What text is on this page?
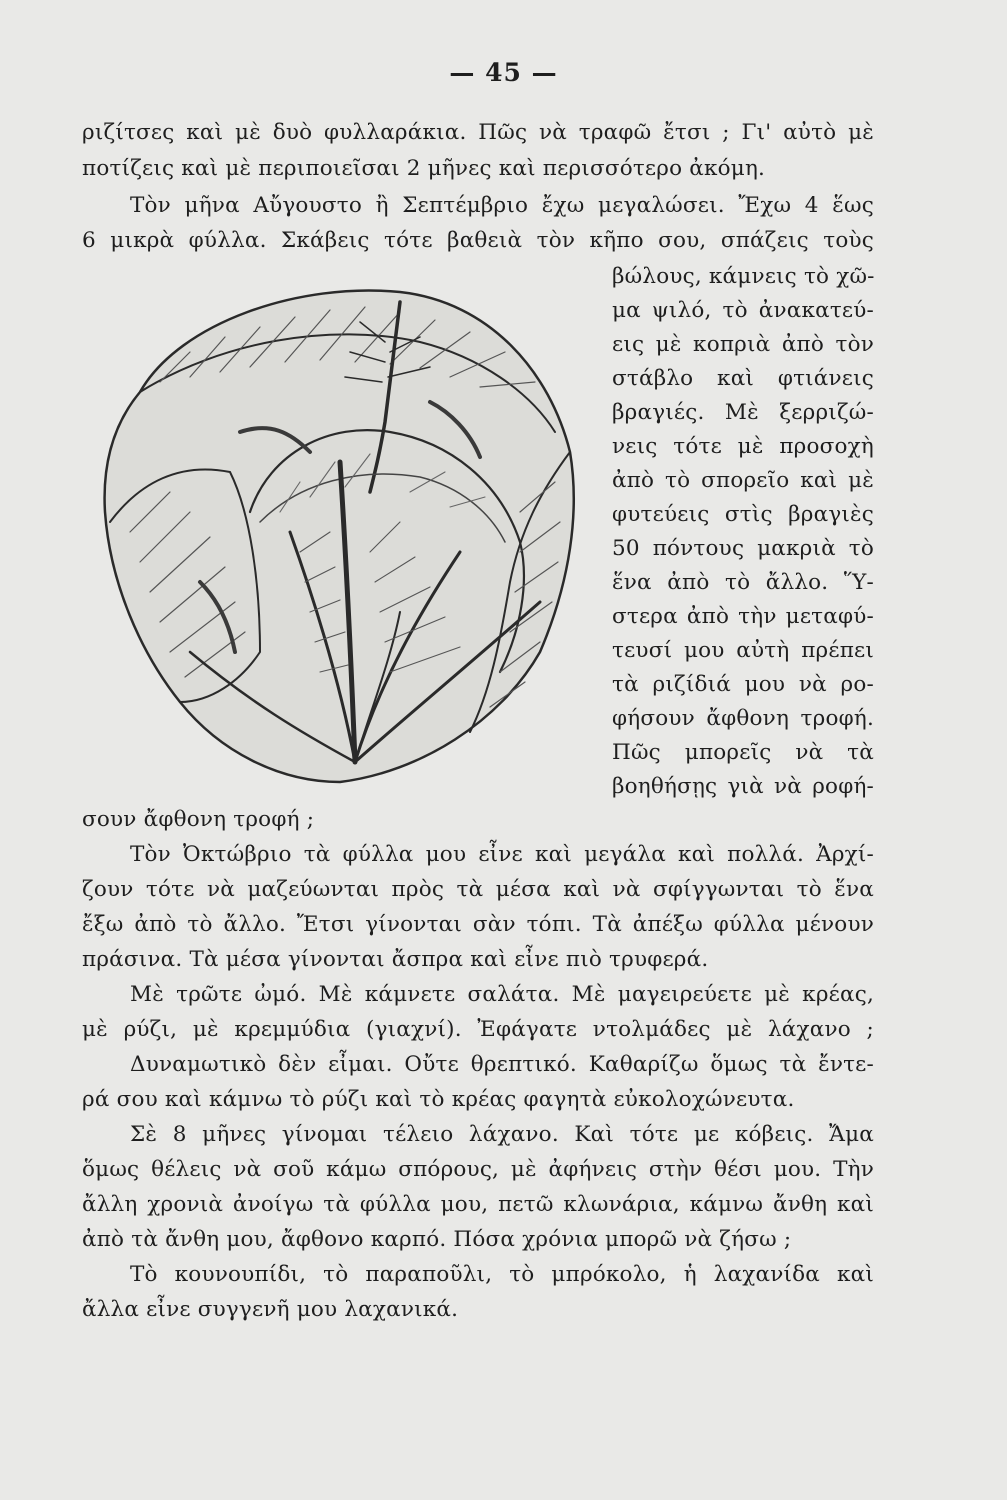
— 45 —
ριζίτσες καὶ μὲ δυὸ φυλλαράκια. Πῶς νὰ τραφῶ ἔτσι ; Γι' αὐτὸ μὲ
ποτίζεις καὶ μὲ περιποιεῖσαι 2 μῆνες καὶ περισσότερο ἀκόμη.
Τὸν μῆνα Αὔγουστο ἢ Σεπτέμβριο ἔχω μεγαλώσει. Ἔχω 4 ἕως
6 μικρὰ φύλλα. Σκάβεις τότε βαθειὰ τὸν κῆπο σου, σπάζεις τοὺς
βώλους, κάμνεις τὸ χῶ-
μα ψιλό, τὸ ἀνακατεύ-
εις μὲ κοπριὰ ἀπὸ τὸν
στάβλο καὶ φτιάνεις
βραγιές. Μὲ ξερριζώ-
νεις τότε μὲ προσοχὴ
ἀπὸ τὸ σπορεῖο καὶ μὲ
φυτεύεις στὶς βραγιὲς
50 πόντους μακριὰ τὸ
ἕνα ἀπὸ τὸ ἄλλο. Ὕ-
στερα ἀπὸ τὴν μεταφύ-
τευσί μου αὐτὴ πρέπει
τὰ ριζίδιά μου νὰ ρο-
φήσουν ἄφθονη τροφή.
Πῶς μπορεῖς νὰ τὰ
βοηθήσῃς γιὰ νὰ ροφή-
σουν ἄφθονη τροφή ;
Τὸν Ὀκτώβριο τὰ φύλλα μου εἶνε καὶ μεγάλα καὶ πολλά. Ἀρχί-
ζουν τότε νὰ μαζεύωνται πρὸς τὰ μέσα καὶ νὰ σφίγγωνται τὸ ἕνα
ἔξω ἀπὸ τὸ ἄλλο. Ἔτσι γίνονται σὰν τόπι. Τὰ ἀπέξω φύλλα μένουν
πράσινα. Τὰ μέσα γίνονται ἄσπρα καὶ εἶνε πιὸ τρυφερά.
Μὲ τρῶτε ὠμό. Μὲ κάμνετε σαλάτα. Μὲ μαγειρεύετε μὲ κρέας,
μὲ ρύζι, μὲ κρεμμύδια (γιαχνί). Ἐφάγατε ντολμάδες μὲ λάχανο ;
Δυναμωτικὸ δὲν εἶμαι. Οὔτε θρεπτικό. Καθαρίζω ὅμως τὰ ἔντε-
ρά σου καὶ κάμνω τὸ ρύζι καὶ τὸ κρέας φαγητὰ εὐκολοχώνευτα.
Σὲ 8 μῆνες γίνομαι τέλειο λάχανο. Καὶ τότε με κόβεις. Ἄμα
ὅμως θέλεις νὰ σοῦ κάμω σπόρους, μὲ ἀφήνεις στὴν θέσι μου. Τὴν
ἄλλη χρονιὰ ἀνοίγω τὰ φύλλα μου, πετῶ κλωνάρια, κάμνω ἄνθη καὶ
ἀπὸ τὰ ἄνθη μου, ἄφθονο καρπό. Πόσα χρόνια μπορῶ νὰ ζήσω ;
Τὸ κουνουπίδι, τὸ παραποῦλι, τὸ μπρόκολο, ἡ λαχανίδα καὶ
ἄλλα εἶνε συγγενῆ μου λαχανικά.
